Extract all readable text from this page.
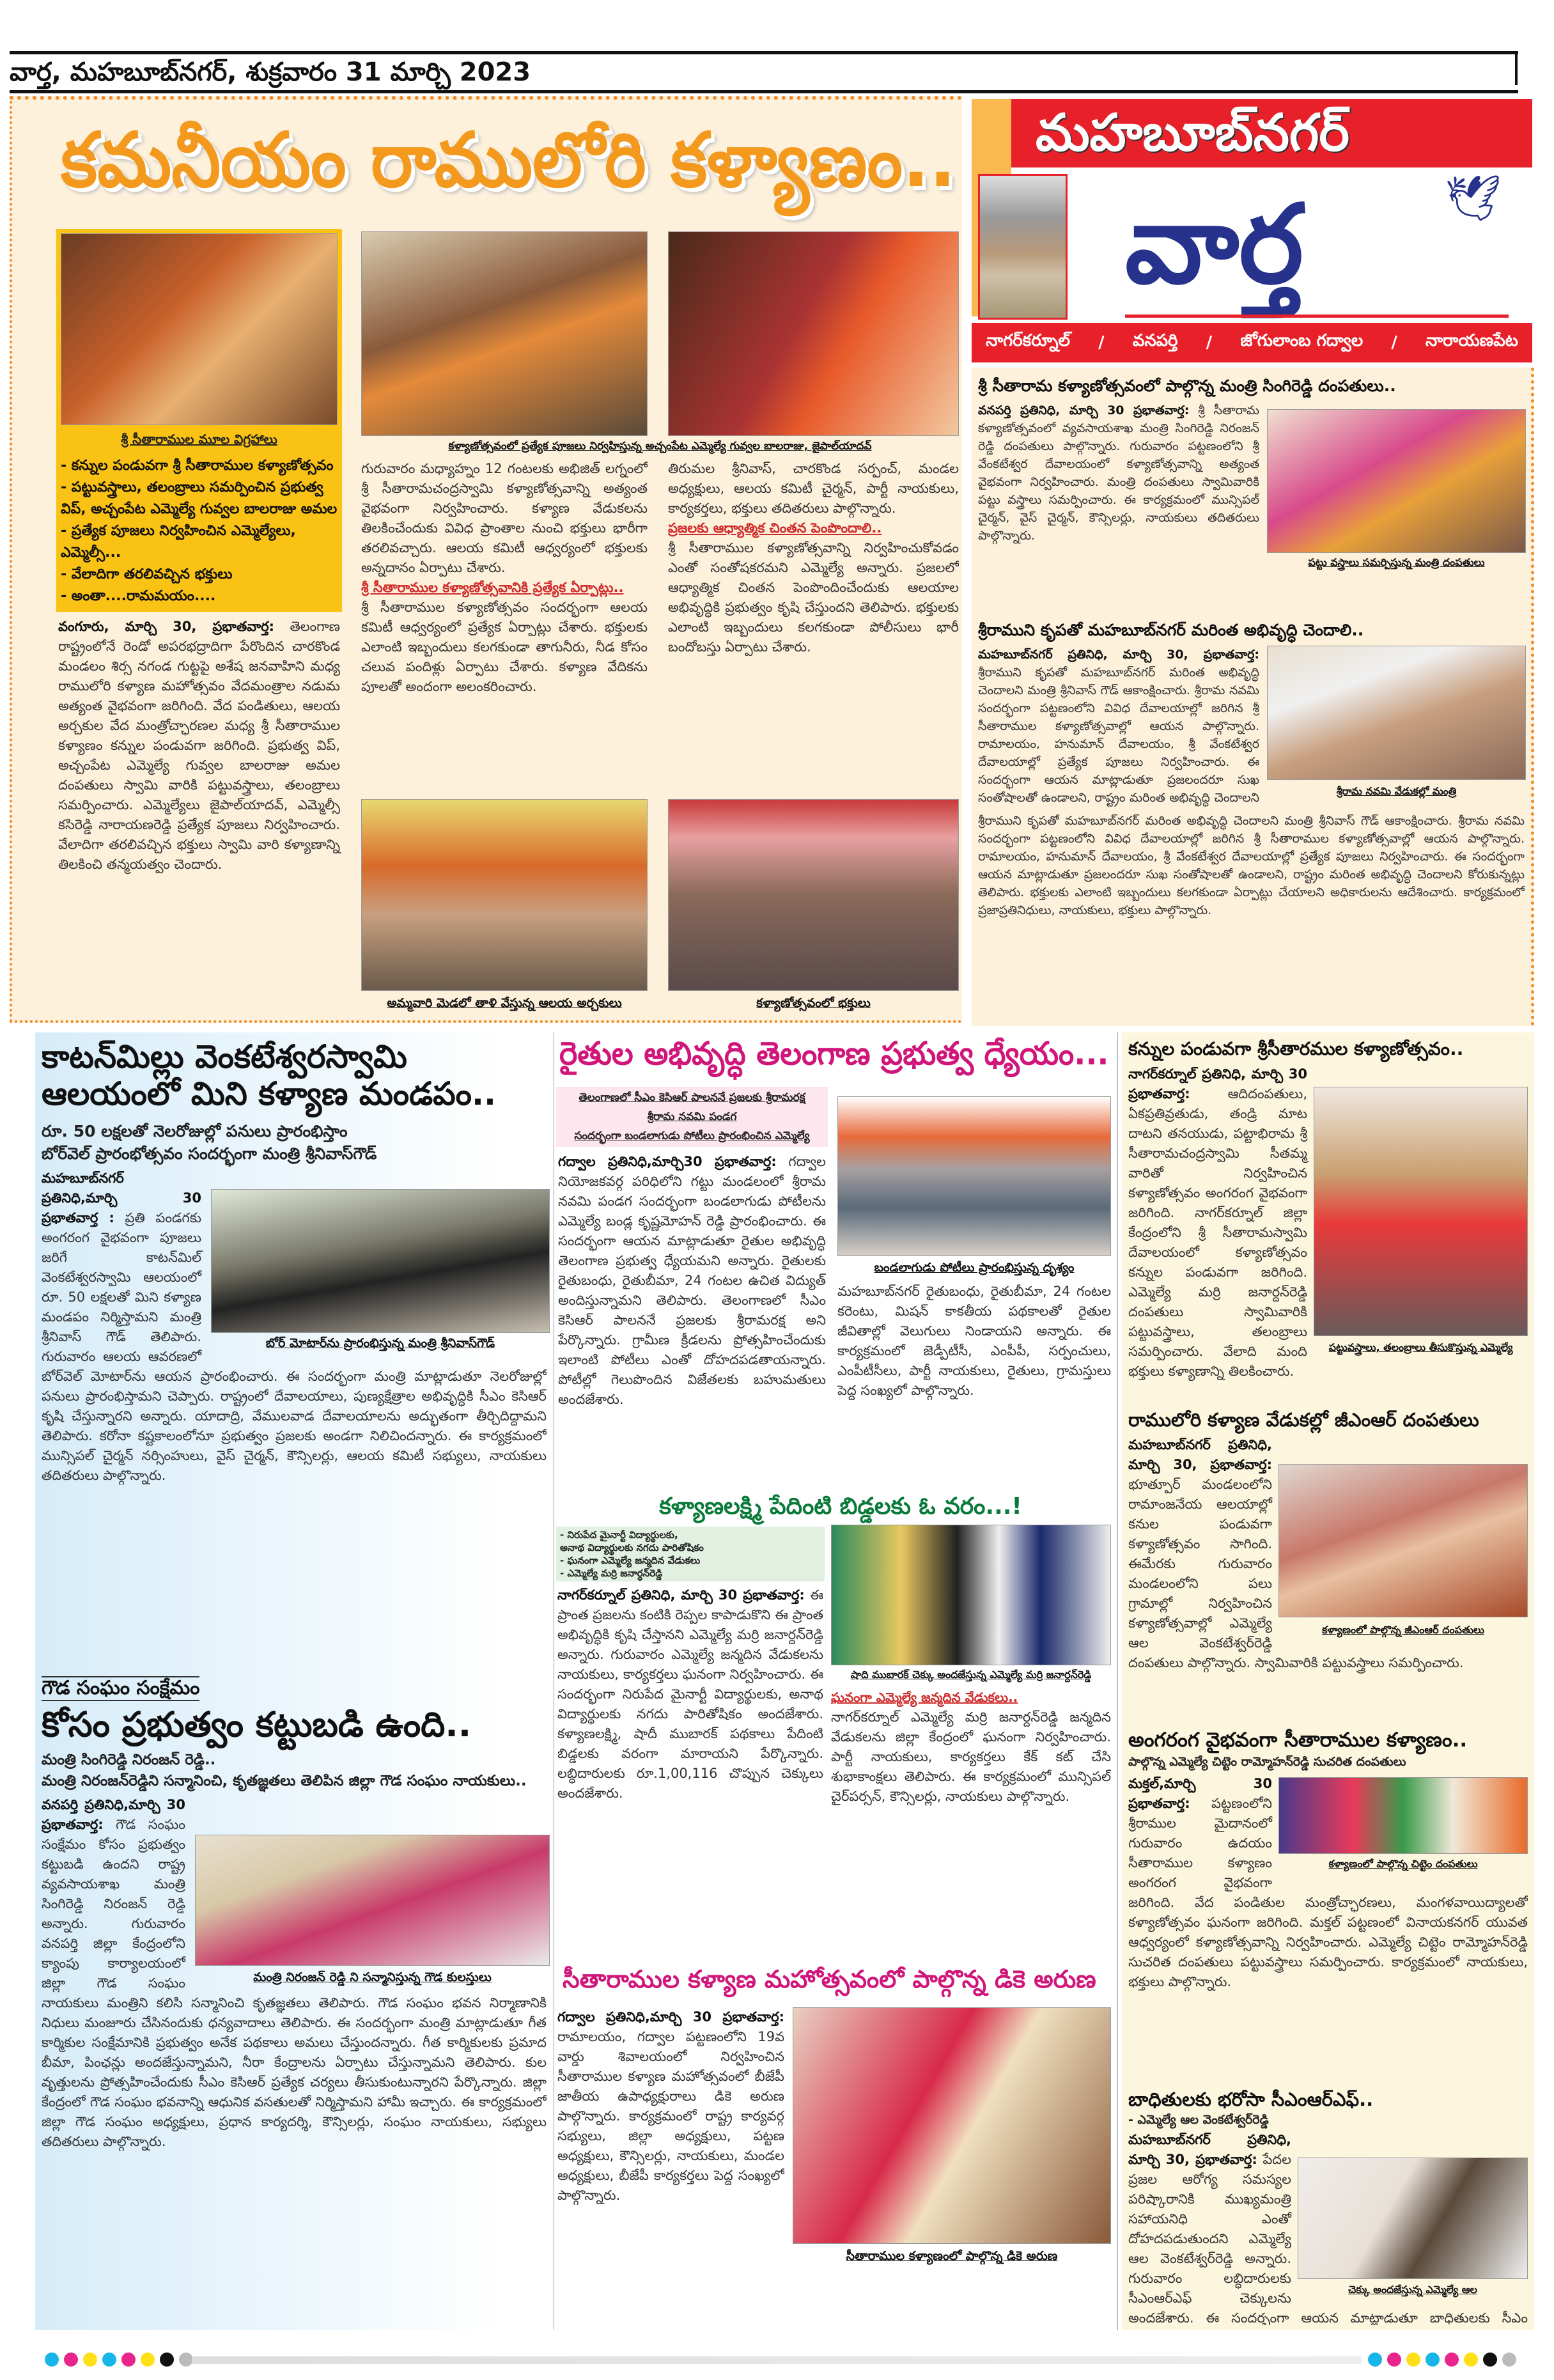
వార్త, మహబూబ్‌నగర్, శుక్రవారం 31 మార్చి 2023
కమనీయం రాములోరి కళ్యాణం..
శ్రీ సీతారాముల మూల విగ్రహాలు
- కన్నుల పండువగా శ్రీ సీతారాముల కళ్యాణోత్సవం
- పట్టువస్త్రాలు, తలంబ్రాలు సమర్పించిన ప్రభుత్వ విప్, అచ్చంపేట ఎమ్మెల్యే గువ్వల బాలరాజు అమల
- ప్రత్యేక పూజలు నిర్వహించిన ఎమ్మెల్యేలు, ఎమ్మెల్సీ...
- వేలాదిగా తరలివచ్చిన భక్తులు
- అంతా....రామమయం....
వంగూరు, మార్చి 30, ప్రభాతవార్త: తెలంగాణ రాష్ట్రంలోనే రెండో అపరభద్రాదిగా పేరొందిన చారకొండ మండలం శిర్స నగండ గుట్టపై అశేష జనవాహిని మధ్య రాములోరి కళ్యాణ మహోత్సవం వేదమంత్రాల నడుమ అత్యంత వైభవంగా జరిగింది. వేద పండితులు, ఆలయ అర్చకుల వేద మంత్రోచ్ఛారణల మధ్య శ్రీ సీతారాముల కళ్యాణం కన్నుల పండువగా జరిగింది. ప్రభుత్వ విప్, అచ్చంపేట ఎమ్మెల్యే గువ్వల బాలరాజు అమల దంపతులు స్వామి వారికి పట్టువస్త్రాలు, తలంబ్రాలు సమర్పించారు. ఎమ్మెల్యేలు జైపాల్‌యాదవ్, ఎమ్మెల్సీ కసిరెడ్డి నారాయణరెడ్డి ప్రత్యేక పూజలు నిర్వహించారు. వేలాదిగా తరలివచ్చిన భక్తులు స్వామి వారి కళ్యాణాన్ని తిలకించి తన్మయత్వం చెందారు.
కళ్యాణోత్సవంలో ప్రత్యేక పూజలు నిర్వహిస్తున్న అచ్చంపేట ఎమ్మెల్యే గువ్వల బాలరాజు, జైపాల్‌యాదవ్
గురువారం మధ్యాహ్నం 12 గంటలకు అభిజిత్ లగ్నంలో శ్రీ సీతారామచంద్రస్వామి కళ్యాణోత్సవాన్ని అత్యంత వైభవంగా నిర్వహించారు. కళ్యాణ వేడుకలను తిలకించేందుకు వివిధ ప్రాంతాల నుంచి భక్తులు భారీగా తరలివచ్చారు. ఆలయ కమిటీ ఆధ్వర్యంలో భక్తులకు అన్నదానం ఏర్పాటు చేశారు.
శ్రీ సీతారాముల కళ్యాణోత్సవానికి ప్రత్యేక ఏర్పాట్లు..
శ్రీ సీతారాముల కళ్యాణోత్సవం సందర్భంగా ఆలయ కమిటీ ఆధ్వర్యంలో ప్రత్యేక ఏర్పాట్లు చేశారు. భక్తులకు ఎలాంటి ఇబ్బందులు కలగకుండా తాగునీరు, నీడ కోసం చలువ పందిళ్లు ఏర్పాటు చేశారు. కళ్యాణ వేదికను పూలతో అందంగా అలంకరించారు.
తిరుమల శ్రీనివాస్, చారకొండ సర్పంచ్, మండల అధ్యక్షులు, ఆలయ కమిటీ చైర్మన్, పార్టీ నాయకులు, కార్యకర్తలు, భక్తులు తదితరులు పాల్గొన్నారు.
ప్రజలకు ఆధ్యాత్మిక చింతన పెంపొందాలి..
శ్రీ సీతారాముల కళ్యాణోత్సవాన్ని నిర్వహించుకోవడం ఎంతో సంతోషకరమని ఎమ్మెల్యే అన్నారు. ప్రజలలో ఆధ్యాత్మిక చింతన పెంపొందించేందుకు ఆలయాల అభివృద్ధికి ప్రభుత్వం కృషి చేస్తుందని తెలిపారు. భక్తులకు ఎలాంటి ఇబ్బందులు కలగకుండా పోలీసులు భారీ బందోబస్తు ఏర్పాటు చేశారు.
అమ్మవారి మెడలో తాళి వేస్తున్న ఆలయ అర్చకులు	కళ్యాణోత్సవంలో భక్తులు
మహబూబ్‌నగర్
వార్త	🕊
నాగర్‌కర్నూల్ / వనపర్తి / జోగులాంబ గద్వాల / నారాయణపేట
శ్రీ సీతారామ కళ్యాణోత్సవంలో పాల్గొన్న మంత్రి సింగిరెడ్డి దంపతులు..
వనపర్తి ప్రతినిధి, మార్చి 30 ప్రభాతవార్త: శ్రీ సీతారామ కళ్యాణోత్సవంలో వ్యవసాయశాఖ మంత్రి సింగిరెడ్డి నిరంజన్ రెడ్డి దంపతులు పాల్గొన్నారు. గురువారం పట్టణంలోని శ్రీ వేంకటేశ్వర దేవాలయంలో కళ్యాణోత్సవాన్ని అత్యంత వైభవంగా నిర్వహించారు. మంత్రి దంపతులు స్వామివారికి పట్టు వస్త్రాలు సమర్పించారు. ఈ కార్యక్రమంలో మున్సిపల్ చైర్మన్, వైస్ చైర్మన్, కౌన్సిలర్లు, నాయకులు తదితరులు పాల్గొన్నారు.
పట్టు వస్త్రాలు సమర్పిస్తున్న మంత్రి దంపతులు
శ్రీరాముని కృపతో మహబూబ్‌నగర్ మరింత అభివృద్ధి చెందాలి..
మహబూబ్‌నగర్ ప్రతినిధి, మార్చి 30, ప్రభాతవార్త: శ్రీరాముని కృపతో మహబూబ్‌నగర్ మరింత అభివృద్ధి చెందాలని మంత్రి శ్రీనివాస్ గౌడ్ ఆకాంక్షించారు. శ్రీరామ నవమి సందర్భంగా పట్టణంలోని వివిధ దేవాలయాల్లో జరిగిన శ్రీ సీతారాముల కళ్యాణోత్సవాల్లో ఆయన పాల్గొన్నారు. రామాలయం, హనుమాన్ దేవాలయం, శ్రీ వేంకటేశ్వర దేవాలయాల్లో ప్రత్యేక పూజలు నిర్వహించారు. ఈ సందర్భంగా ఆయన మాట్లాడుతూ ప్రజలందరూ సుఖ సంతోషాలతో ఉండాలని, రాష్ట్రం మరింత అభివృద్ధి చెందాలని	శ్రీరామ నవమి వేడుకల్లో మంత్రి
శ్రీరాముని కృపతో మహబూబ్‌నగర్ మరింత అభివృద్ధి చెందాలని మంత్రి శ్రీనివాస్ గౌడ్ ఆకాంక్షించారు. శ్రీరామ నవమి సందర్భంగా పట్టణంలోని వివిధ దేవాలయాల్లో జరిగిన శ్రీ సీతారాముల కళ్యాణోత్సవాల్లో ఆయన పాల్గొన్నారు. రామాలయం, హనుమాన్ దేవాలయం, శ్రీ వేంకటేశ్వర దేవాలయాల్లో ప్రత్యేక పూజలు నిర్వహించారు. ఈ సందర్భంగా ఆయన మాట్లాడుతూ ప్రజలందరూ సుఖ సంతోషాలతో ఉండాలని, రాష్ట్రం మరింత అభివృద్ధి చెందాలని కోరుకున్నట్లు తెలిపారు. భక్తులకు ఎలాంటి ఇబ్బందులు కలగకుండా ఏర్పాట్లు చేయాలని అధికారులను ఆదేశించారు. కార్యక్రమంలో ప్రజాప్రతినిధులు, నాయకులు, భక్తులు పాల్గొన్నారు.
కాటన్‌మిల్లు వెంకటేశ్వరస్వామి
ఆలయంలో మిని కళ్యాణ మండపం..
రూ. 50 లక్షలతో నెలరోజుల్లో పనులు ప్రారంభిస్తాం
బోర్‌వెల్ ప్రారంభోత్సవం సందర్భంగా మంత్రి శ్రీనివాస్‌గౌడ్
మహబూబ్‌నగర్ ప్రతినిధి,మార్చి 30 ప్రభాతవార్త : ప్రతి పండగకు అంగరంగ వైభవంగా పూజలు జరిగే కాటన్‌మిల్ వెంకటేశ్వరస్వామి ఆలయంలో రూ. 50 లక్షలతో మిని కళ్యాణ మండపం నిర్మిస్తామని మంత్రి శ్రీనివాస్ గౌడ్ తెలిపారు. గురువారం ఆలయ ఆవరణలో బోర్‌వెల్ మోటార్‌ను ఆయన ప్రారంభించారు. ఈ సందర్భంగా మంత్రి మాట్లాడుతూ నెలరోజుల్లో పనులు ప్రారంభిస్తామని చెప్పారు. రాష్ట్రంలో దేవాలయాలు, పుణ్యక్షేత్రాల అభివృద్ధికి సీఎం కెసిఆర్ కృషి చేస్తున్నారని అన్నారు. యాదాద్రి, వేములవాడ దేవాలయాలను అద్భుతంగా తీర్చిదిద్దామని తెలిపారు. కరోనా కష్టకాలంలోనూ ప్రభుత్వం ప్రజలకు అండగా నిలిచిందన్నారు. ఈ కార్యక్రమంలో మున్సిపల్ చైర్మన్ నర్సింహులు, వైస్ చైర్మన్, కౌన్సిలర్లు, ఆలయ కమిటీ సభ్యులు, నాయకులు తదితరులు పాల్గొన్నారు.
బోర్ మోటార్‌ను ప్రారంభిస్తున్న మంత్రి శ్రీనివాస్‌గౌడ్
గౌడ సంఘం సంక్షేమం
కోసం ప్రభుత్వం కట్టుబడి ఉంది..
మంత్రి సింగిరెడ్డి నిరంజన్ రెడ్డి..
మంత్రి నిరంజన్‌రెడ్డిని సన్మానించి, కృతజ్ఞతలు తెలిపిన జిల్లా గౌడ సంఘం నాయకులు..
వనపర్తి ప్రతినిధి,మార్చి 30 ప్రభాతవార్త: గౌడ సంఘం సంక్షేమం కోసం ప్రభుత్వం కట్టుబడి ఉందని రాష్ట్ర వ్యవసాయశాఖ మంత్రి సింగిరెడ్డి నిరంజన్ రెడ్డి అన్నారు. గురువారం వనపర్తి జిల్లా కేంద్రంలోని క్యాంపు కార్యాలయంలో జిల్లా గౌడ సంఘం నాయకులు మంత్రిని కలిసి సన్మానించి కృతజ్ఞతలు తెలిపారు. గౌడ సంఘం భవన నిర్మాణానికి నిధులు మంజూరు చేసినందుకు ధన్యవాదాలు తెలిపారు. ఈ సందర్భంగా మంత్రి మాట్లాడుతూ గీత కార్మికుల సంక్షేమానికి ప్రభుత్వం అనేక పథకాలు అమలు చేస్తుందన్నారు. గీత కార్మికులకు ప్రమాద బీమా, పింఛన్లు అందజేస్తున్నామని, నీరా కేంద్రాలను ఏర్పాటు చేస్తున్నామని తెలిపారు. కుల వృత్తులను ప్రోత్సహించేందుకు సీఎం కెసిఆర్ ప్రత్యేక చర్యలు తీసుకుంటున్నారని పేర్కొన్నారు. జిల్లా కేంద్రంలో గౌడ సంఘం భవనాన్ని ఆధునిక వసతులతో నిర్మిస్తామని హామీ ఇచ్చారు. ఈ కార్యక్రమంలో జిల్లా గౌడ సంఘం అధ్యక్షులు, ప్రధాన కార్యదర్శి, కౌన్సిలర్లు, సంఘం నాయకులు, సభ్యులు తదితరులు పాల్గొన్నారు.
మంత్రి నిరంజన్ రెడ్డి ని సన్మానిస్తున్న గౌడ కులస్తులు
రైతుల అభివృద్ధి తెలంగాణ ప్రభుత్వ ధ్యేయం...
తెలంగాణలో సీఎం కెసిఆర్ పాలననే ప్రజలకు శ్రీరామరక్ష
శ్రీరామ నవమి పండగ
సందర్భంగా బండలాగుడు పోటీలు ప్రారంభించిన ఎమ్మెల్యే
గద్వాల ప్రతినిధి,మార్చి30 ప్రభాతవార్త: గద్వాల నియోజకవర్గ పరిధిలోని గట్టు మండలంలో శ్రీరామ నవమి పండగ సందర్భంగా బండలాగుడు పోటీలను ఎమ్మెల్యే బండ్ల కృష్ణమోహన్ రెడ్డి ప్రారంభించారు. ఈ సందర్భంగా ఆయన మాట్లాడుతూ రైతుల అభివృద్ధి తెలంగాణ ప్రభుత్వ ధ్యేయమని అన్నారు. రైతులకు రైతుబంధు, రైతుబీమా, 24 గంటల ఉచిత విద్యుత్ అందిస్తున్నామని తెలిపారు. తెలంగాణలో సీఎం కెసిఆర్ పాలననే ప్రజలకు శ్రీరామరక్ష అని పేర్కొన్నారు. గ్రామీణ క్రీడలను ప్రోత్సహించేందుకు ఇలాంటి పోటీలు ఎంతో దోహదపడతాయన్నారు. పోటీల్లో గెలుపొందిన విజేతలకు బహుమతులు అందజేశారు.
బండలాగుడు పోటీలు ప్రారంభిస్తున్న దృశ్యం
మహబూబ్‌నగర్ రైతుబంధు, రైతుబీమా, 24 గంటల కరెంటు, మిషన్ కాకతీయ పథకాలతో రైతుల జీవితాల్లో వెలుగులు నిండాయని అన్నారు. ఈ కార్యక్రమంలో జెడ్పీటీసీ, ఎంపీపీ, సర్పంచులు, ఎంపీటీసీలు, పార్టీ నాయకులు, రైతులు, గ్రామస్తులు పెద్ద సంఖ్యలో పాల్గొన్నారు.
కళ్యాణలక్ష్మి పేదింటి బిడ్డలకు ఓ వరం...!
- నిరుపేద మైనార్టీ విద్యార్థులకు,
అనాథ విద్యార్థులకు నగదు పారితోషికం
- ఘనంగా ఎమ్మెల్యే జన్మదిన వేడుకలు
- ఎమ్మెల్యే మర్రి జనార్ధన్‌రెడ్డి
నాగర్‌కర్నూల్ ప్రతినిధి, మార్చి 30 ప్రభాతవార్త: ఈ ప్రాంత ప్రజలను కంటికి రెప్పల కాపాడుకొని ఈ ప్రాంత అభివృద్ధికి కృషి చేస్తానని ఎమ్మెల్యే మర్రి జనార్దన్‌రెడ్డి అన్నారు. గురువారం ఎమ్మెల్యే జన్మదిన వేడుకలను నాయకులు, కార్యకర్తలు ఘనంగా నిర్వహించారు. ఈ సందర్భంగా నిరుపేద మైనార్టీ విద్యార్థులకు, అనాథ విద్యార్థులకు నగదు పారితోషికం అందజేశారు. కళ్యాణలక్ష్మి, షాదీ ముబారక్ పథకాలు పేదింటి బిడ్డలకు వరంగా మారాయని పేర్కొన్నారు. లబ్ధిదారులకు రూ.1,00,116 చొప్పున చెక్కులు అందజేశారు.
షాది ముబారక్ చెక్కు అందజేస్తున్న ఎమ్మెల్యే మర్రి జనార్దన్‌రెడ్డి
ఘనంగా ఎమ్మెల్యే జన్మదిన వేడుకలు..
నాగర్‌కర్నూల్ ఎమ్మెల్యే మర్రి జనార్దన్‌రెడ్డి జన్మదిన వేడుకలను జిల్లా కేంద్రంలో ఘనంగా నిర్వహించారు. పార్టీ నాయకులు, కార్యకర్తలు కేక్ కట్ చేసి శుభాకాంక్షలు తెలిపారు. ఈ కార్యక్రమంలో మున్సిపల్ చైర్‌పర్సన్, కౌన్సిలర్లు, నాయకులు పాల్గొన్నారు.
సీతారాముల కళ్యాణ మహోత్సవంలో పాల్గొన్న డికె అరుణ
గద్వాల ప్రతినిధి,మార్చి 30 ప్రభాతవార్త: రామాలయం, గద్వాల పట్టణంలోని 19వ వార్డు శివాలయంలో నిర్వహించిన సీతారాముల కళ్యాణ మహోత్సవంలో బీజేపీ జాతీయ ఉపాధ్యక్షురాలు డికె అరుణ పాల్గొన్నారు. కార్యక్రమంలో రాష్ట్ర కార్యవర్గ సభ్యులు, జిల్లా అధ్యక్షులు, పట్టణ అధ్యక్షులు, కౌన్సిలర్లు, నాయకులు, మండల అధ్యక్షులు, బీజేపీ కార్యకర్తలు పెద్ద సంఖ్యలో పాల్గొన్నారు.
సీతారాముల కళ్యాణంలో పాల్గొన్న డికె అరుణ
కన్నుల పండువగా శ్రీసీతారముల కళ్యాణోత్సవం..
నాగర్‌కర్నూల్ ప్రతినిధి, మార్చి 30 ప్రభాతవార్త:	ఆదిదంపతులు, ఏకప్రతివ్రతుడు, తండ్రి మాట దాటని తనయుడు, పట్టాభిరామ శ్రీ సీతారామచంద్రస్వామి సీతమ్మ వారితో నిర్వహించిన కళ్యాణోత్సవం అంగరంగ వైభవంగా జరిగింది. నాగర్‌కర్నూల్ జిల్లా కేంద్రంలోని శ్రీ సీతారామస్వామి దేవాలయంలో కళ్యాణోత్సవం కన్నుల పండువగా జరిగింది. ఎమ్మెల్యే మర్రి జనార్దన్‌రెడ్డి దంపతులు స్వామివారికి పట్టువస్త్రాలు, తలంబ్రాలు సమర్పించారు. వేలాది మంది భక్తులు కళ్యాణాన్ని తిలకించారు.
పట్టువస్త్రాలు, తలంబ్రాలు తీసుకొస్తున్న ఎమ్మెల్యే
రాములోరి కళ్యాణ వేడుకల్లో జీఎంఆర్ దంపతులు
మహబూబ్‌నగర్ ప్రతినిధి, మార్చి 30, ప్రభాతవార్త: భూత్పూర్ మండలంలోని రామాంజనేయ ఆలయాల్లో కనుల పండువగా కళ్యాణోత్సవం సాగింది. ఈమేరకు గురువారం మండలంలోని పలు గ్రామాల్లో నిర్వహించిన కళ్యాణోత్సవాల్లో ఎమ్మెల్యే ఆల వెంకటేశ్వర్‌రెడ్డి దంపతులు పాల్గొన్నారు. స్వామివారికి పట్టువస్త్రాలు సమర్పించారు.
కళ్యాణంలో పాల్గొన్న జీఎంఆర్ దంపతులు
అంగరంగ వైభవంగా సీతారాముల కళ్యాణం..
పాల్గొన్న ఎమ్మెల్యే చిట్టెం రామ్మోహన్‌రెడ్డి సుచరిత దంపతులు
మక్తల్,మార్చి 30 ప్రభాతవార్త: పట్టణంలోని శ్రీరాముల మైదానంలో గురువారం ఉదయం సీతారాముల కళ్యాణం అంగరంగ వైభవంగా జరిగింది. వేద పండితుల మంత్రోచ్ఛారణలు, మంగళవాయిద్యాలతో కళ్యాణోత్సవం ఘనంగా జరిగింది. మక్తల్ పట్టణంలో వినాయకనగర్ యువత ఆధ్వర్యంలో కళ్యాణోత్సవాన్ని నిర్వహించారు. ఎమ్మెల్యే చిట్టెం రామ్మోహన్‌రెడ్డి సుచరిత దంపతులు పట్టువస్త్రాలు సమర్పించారు. కార్యక్రమంలో నాయకులు, భక్తులు పాల్గొన్నారు.
కళ్యాణంలో పాల్గొన్న చిట్టెం దంపతులు
బాధితులకు భరోసా సీఎంఆర్ఎఫ్..
- ఎమ్మెల్యే ఆల వెంకటేశ్వర్‌రెడ్డి
మహబూబ్‌నగర్ ప్రతినిధి, మార్చి 30, ప్రభాతవార్త: పేదల ప్రజల ఆరోగ్య సమస్యల పరిష్కారానికి ముఖ్యమంత్రి సహాయనిధి ఎంతో దోహదపడుతుందని ఎమ్మెల్యే ఆల వెంకటేశ్వర్‌రెడ్డి అన్నారు. గురువారం లబ్ధిదారులకు సీఎంఆర్ఎఫ్ చెక్కులను అందజేశారు. ఈ సందర్భంగా ఆయన మాట్లాడుతూ బాధితులకు సీఎం
చెక్కు అందజేస్తున్న ఎమ్మెల్యే ఆల
